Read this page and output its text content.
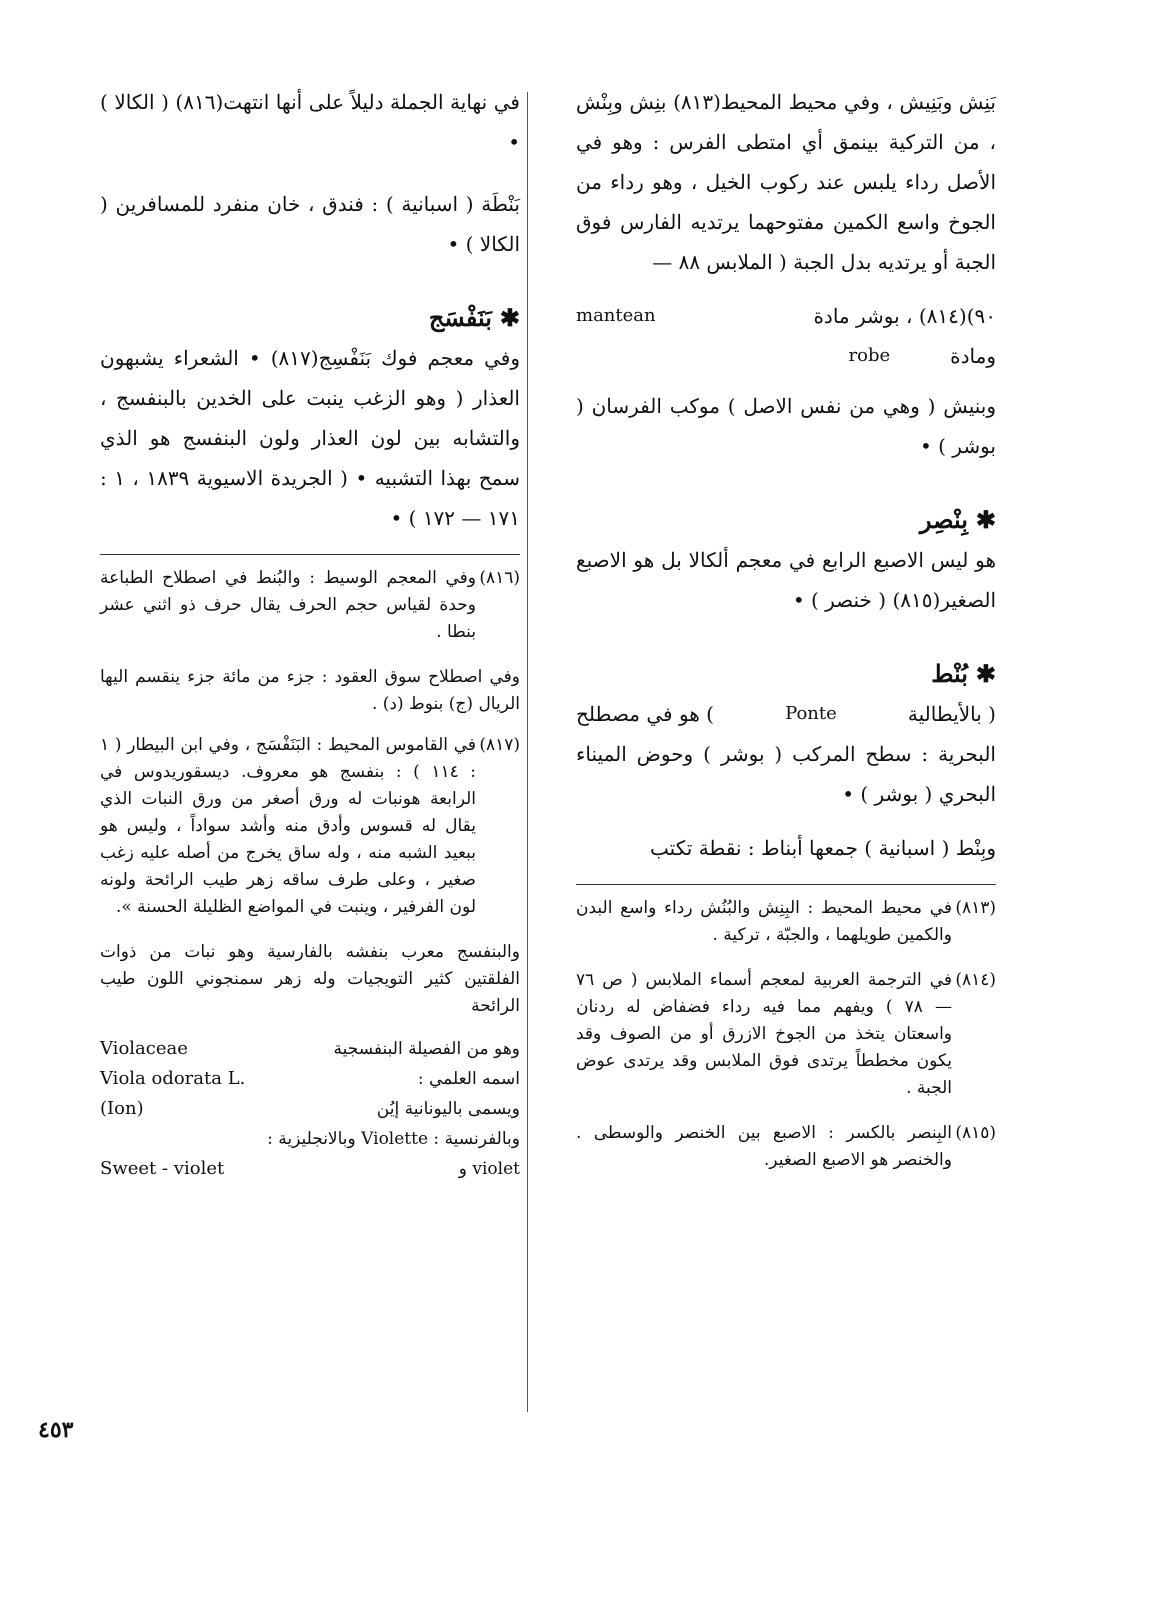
بَنِش وبَنِيش ، وفي محيط المحيط(٨١٣) بنِش وبِنْش ، من التركية بينمق أي امتطى الفرس : وهو في الأصل رداء يلبس عند ركوب الخيل ، وهو رداء من الجوخ واسع الكمين مفتوحهما يرتديه الفارس فوق الجبة أو يرتديه بدل الجبة ( الملابس ٨٨ —

٩٠)(٨١٤) ، بوشر مادة
mantean
ومادة
robe

وبنيش ( وهي من نفس الاصل ) موكب الفرسان ( بوشر ) •

✱
بِنْصِر

هو ليس الاصبع الرابع في معجم ألكالا بل هو الاصبع الصغير(٨١٥) ( خنصر ) •

✱
بُنْط
( بالأيطالية
Ponte
) هو في مصطلح

البحرية : سطح المركب ( بوشر ) وحوض الميناء البحري ( بوشر ) •

وبِنْط ( اسبانية ) جمعها أبناط : نقطة تكتب

(٨١٣)
في محيط المحيط : البِنِش والبُنُش رداء واسع البدن والكمين طويلهما ، والجبّة ، تركية .
(٨١٤)
في الترجمة العربية لمعجم أسماء الملابس ( ص ٧٦ — ٧٨ ) ويفهم مما فيه رداء فضفاض له ردنان واسعتان يتخذ من الجوخ الازرق أو من الصوف وقد يكون مخططاً يرتدى فوق الملابس وقد يرتدى عوض الجبة .
(٨١٥)
البِنصر بالكسر : الاصبع بين الخنصر والوسطى . والخنصر هو الاصبع الصغير.

في نهاية الجملة دليلاً على أنها انتهت(٨١٦) ( الكالا ) •

بَنْطَة ( اسبانية ) : فندق ، خان منفرد للمسافرين ( الكالا ) •

✱
بَنَفْسَج

وفي معجم فوك بَنَفْسِج(٨١٧) • الشعراء يشبهون العذار ( وهو الزغب ينبت على الخدين بالبنفسج ، والتشابه بين لون العذار ولون البنفسج هو الذي سمح بهذا التشبيه • ( الجريدة الاسيوية ١٨٣٩ ، ١ : ١٧١ — ١٧٢ ) •

(٨١٦)
وفي المعجم الوسيط : والبُنط في اصطلاح الطباعة وحدة لقياس حجم الحرف يقال حرف ذو اثني عشر بنطا .

وفي اصطلاح سوق العقود : جزء من مائة جزء ينقسم اليها الريال (ج) بنوط (د) .

(٨١٧)
في القاموس المحيط : البَنَفْسَج ، وفي ابن البيطار ( ١ : ١١٤ ) : بنفسج هو معروف. ديسقوريدوس في الرابعة هونبات له ورق أصغر من ورق النبات الذي يقال له قسوس وأدق منه وأشد سواداً ، وليس هو ببعيد الشبه منه ، وله ساق يخرج من أصله عليه زغب صغير ، وعلى طرف ساقه زهر طيب الرائحة ولونه لون الفرفير ، وينبت في المواضع الظليلة الحسنة ».

والبنفسج معرب بنفشه بالفارسية وهو نبات من ذوات الفلقتين كثير التويجيات وله زهر سمنجوني اللون طيب الرائحة

وهو من الفصيلة البنفسجية
Violaceae
اسمه العلمي :
Viola odorata L.
ويسمى باليونانية إيُن
(Ion)
وبالفرنسية : Violette وبالانجليزية :
violet و
Sweet - violet
٤٥٣
